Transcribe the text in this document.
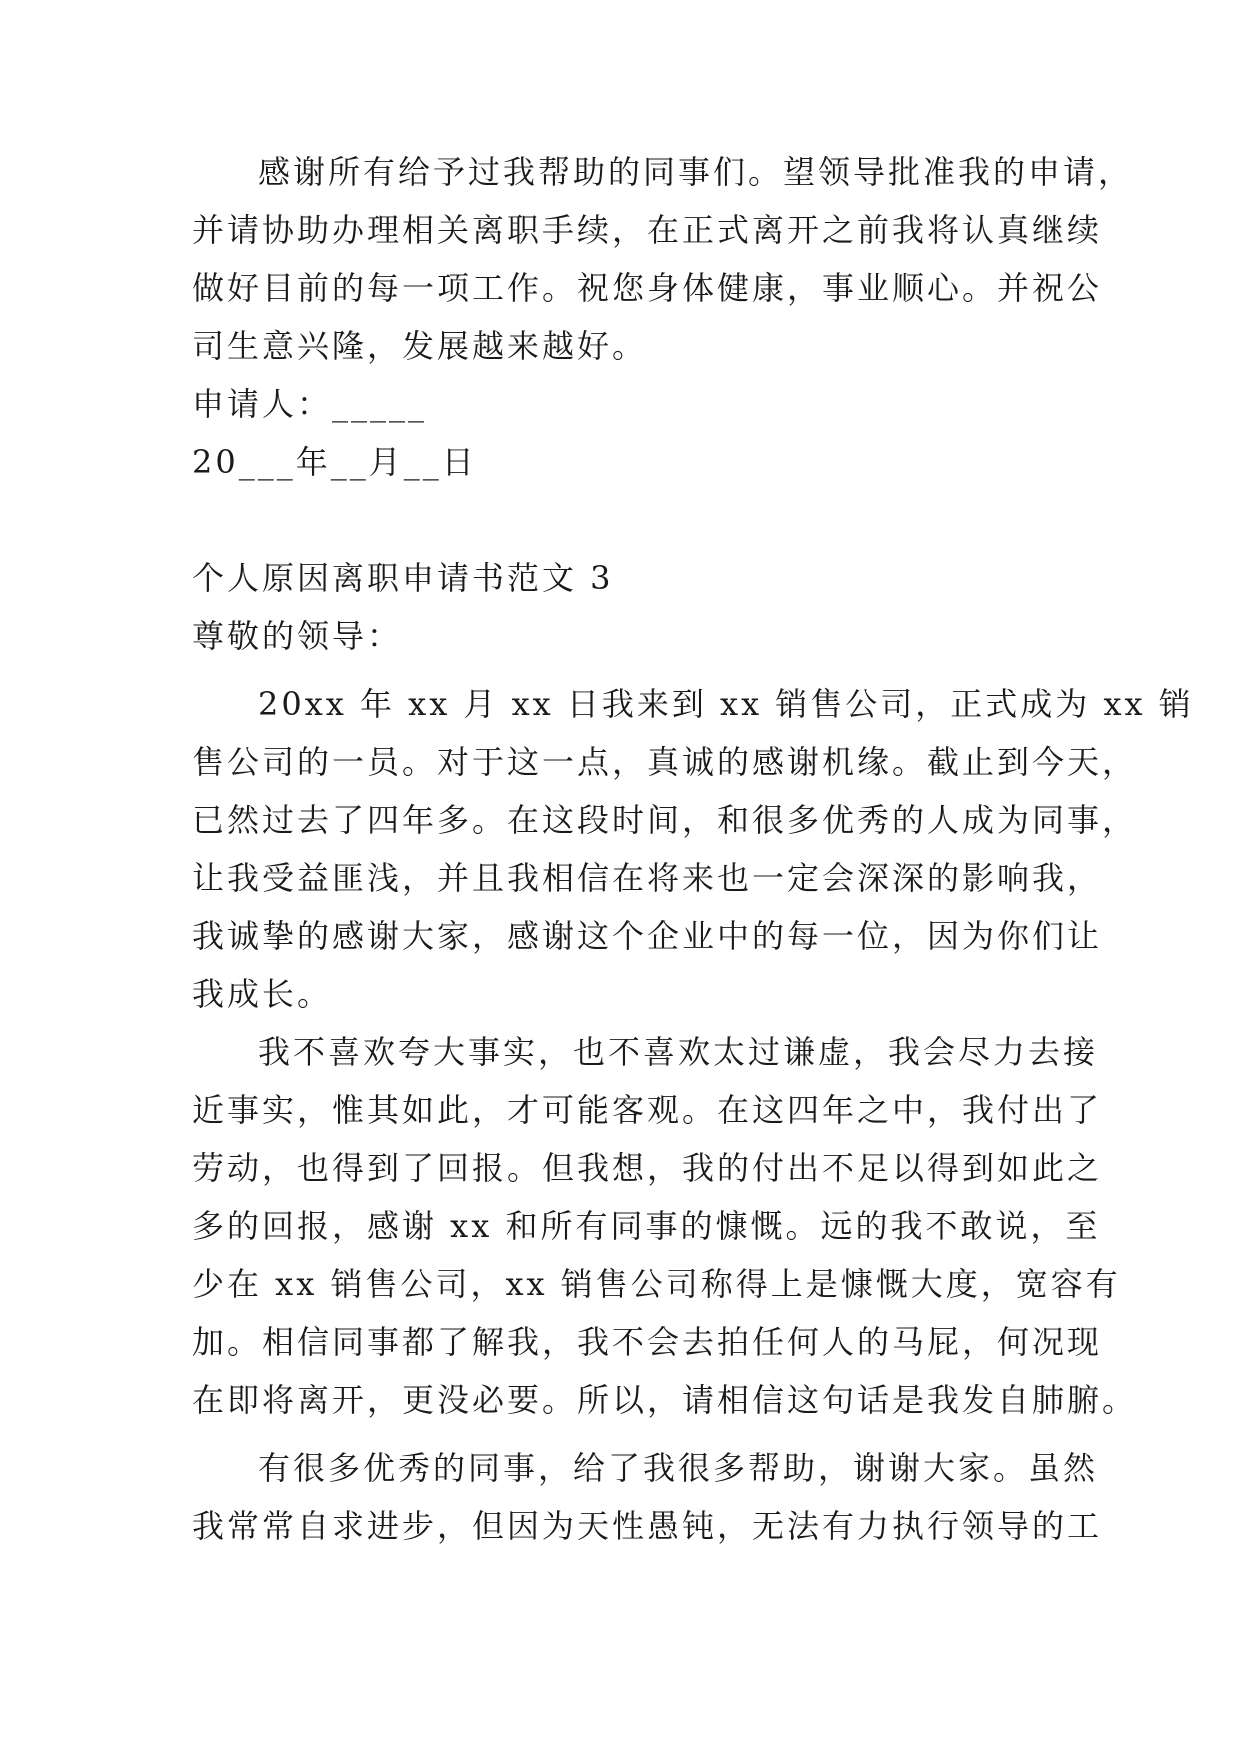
感谢所有给予过我帮助的同事们。望领导批准我的申请，
并请协助办理相关离职手续，在正式离开之前我将认真继续
做好目前的每一项工作。祝您身体健康，事业顺心。并祝公
司生意兴隆，发展越来越好。
申请人：_____
20___年__月__日
个人原因离职申请书范文 3
尊敬的领导：
20xx 年 xx 月 xx 日我来到 xx 销售公司，正式成为 xx 销
售公司的一员。对于这一点，真诚的感谢机缘。截止到今天，
已然过去了四年多。在这段时间，和很多优秀的人成为同事，
让我受益匪浅，并且我相信在将来也一定会深深的影响我，
我诚挚的感谢大家，感谢这个企业中的每一位，因为你们让
我成长。
我不喜欢夸大事实，也不喜欢太过谦虚，我会尽力去接
近事实，惟其如此，才可能客观。在这四年之中，我付出了
劳动，也得到了回报。但我想，我的付出不足以得到如此之
多的回报，感谢 xx 和所有同事的慷慨。远的我不敢说，至
少在 xx 销售公司，xx 销售公司称得上是慷慨大度，宽容有
加。相信同事都了解我，我不会去拍任何人的马屁，何况现
在即将离开，更没必要。所以，请相信这句话是我发自肺腑。
有很多优秀的同事，给了我很多帮助，谢谢大家。虽然
我常常自求进步，但因为天性愚钝，无法有力执行领导的工
